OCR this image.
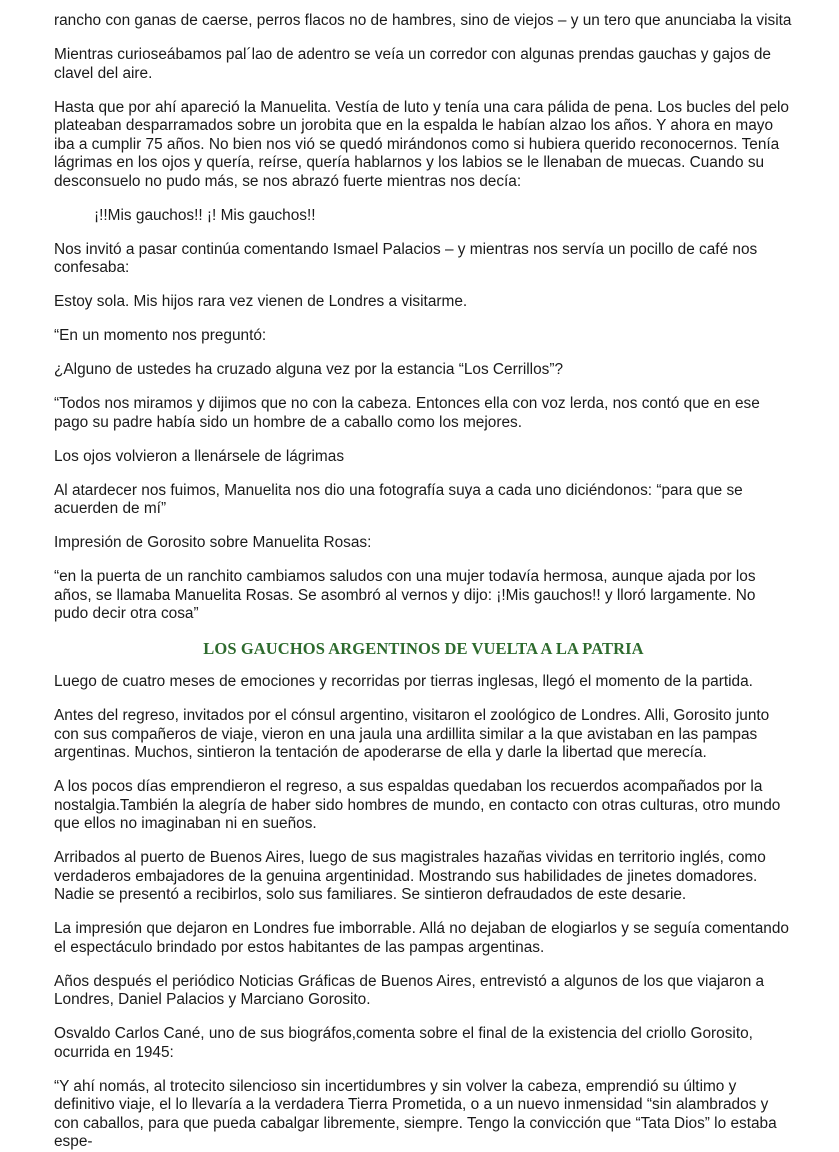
rancho con ganas de caerse, perros flacos no de hambres, sino de viejos – y un tero que anunciaba la visita

Mientras curioseábamos pal´lao de adentro se veía un corredor con algunas prendas gauchas y gajos de clavel del aire.

Hasta que por ahí apareció la Manuelita. Vestía de luto y tenía una cara pálida de pena. Los bucles del pelo plateaban desparramados sobre un jorobita que en la espalda le habían alzao los años. Y ahora en mayo iba a cumplir 75 años. No bien nos vió se quedó mirándonos como si hubiera querido reconocernos. Tenía lágrimas en los ojos y quería, reírse, quería hablarnos y los labios se le llenaban de muecas. Cuando su desconsuelo no pudo más, se nos abrazó fuerte mientras nos decía:

¡!!Mis gauchos!! ¡! Mis gauchos!!

Nos invitó a pasar continúa comentando Ismael Palacios – y mientras nos servía un pocillo de café nos confesaba:

Estoy sola. Mis hijos rara vez vienen de Londres a visitarme.

“En un momento nos preguntó:

¿Alguno de ustedes ha cruzado alguna vez por la estancia “Los Cerrillos”?

“Todos nos miramos y dijimos que no con la cabeza. Entonces ella con voz lerda, nos contó que en ese pago su padre había sido un hombre de a caballo como los mejores.

Los ojos volvieron a llenársele de lágrimas

Al atardecer nos fuimos, Manuelita nos dio una fotografía suya a cada uno diciéndonos: “para que se acuerden de mí”

Impresión de Gorosito sobre Manuelita Rosas:

“en la puerta de un ranchito cambiamos saludos con una mujer todavía hermosa, aunque ajada por los años, se llamaba Manuelita Rosas. Se asombró al vernos y dijo: ¡!Mis gauchos!! y lloró largamente. No pudo decir otra cosa”

LOS GAUCHOS ARGENTINOS DE VUELTA A LA PATRIA

Luego de cuatro meses de emociones y recorridas por tierras inglesas, llegó el momento de la partida.

Antes del regreso, invitados por el cónsul argentino, visitaron el zoológico de Londres. Alli, Gorosito junto con sus compañeros de viaje, vieron en una jaula una ardillita similar a la que avistaban en las pampas argentinas. Muchos, sintieron la tentación de apoderarse de ella y darle la libertad que merecía.

A los pocos días emprendieron el regreso, a sus espaldas quedaban los recuerdos acompañados por la nostalgia.También la alegría de haber sido hombres de mundo, en contacto con otras culturas, otro mundo que ellos no imaginaban ni en sueños.

Arribados al puerto de Buenos Aires, luego de sus magistrales hazañas vividas en territorio inglés, como verdaderos embajadores de la genuina argentinidad. Mostrando sus habilidades de jinetes domadores. Nadie se presentó a recibirlos, solo sus familiares. Se sintieron defraudados de este desarie.

La impresión que dejaron en Londres fue imborrable. Allá no dejaban de elogiarlos y se seguía comentando el espectáculo brindado por estos habitantes de las pampas argentinas.

Años después el periódico Noticias Gráficas de Buenos Aires, entrevistó a algunos de los que viajaron a Londres, Daniel Palacios y Marciano Gorosito.

Osvaldo Carlos Cané, uno de sus biográfos,comenta sobre el final de la existencia del criollo Gorosito, ocurrida en 1945:

“Y ahí nomás, al trotecito silencioso sin incertidumbres y sin volver la cabeza, emprendió su último y definitivo viaje, el lo llevaría a la verdadera Tierra Prometida, o a un nuevo inmensidad “sin alambrados y con caballos, para que pueda cabalgar libremente, siempre. Tengo la convicción que “Tata Dios” lo estaba espe-
